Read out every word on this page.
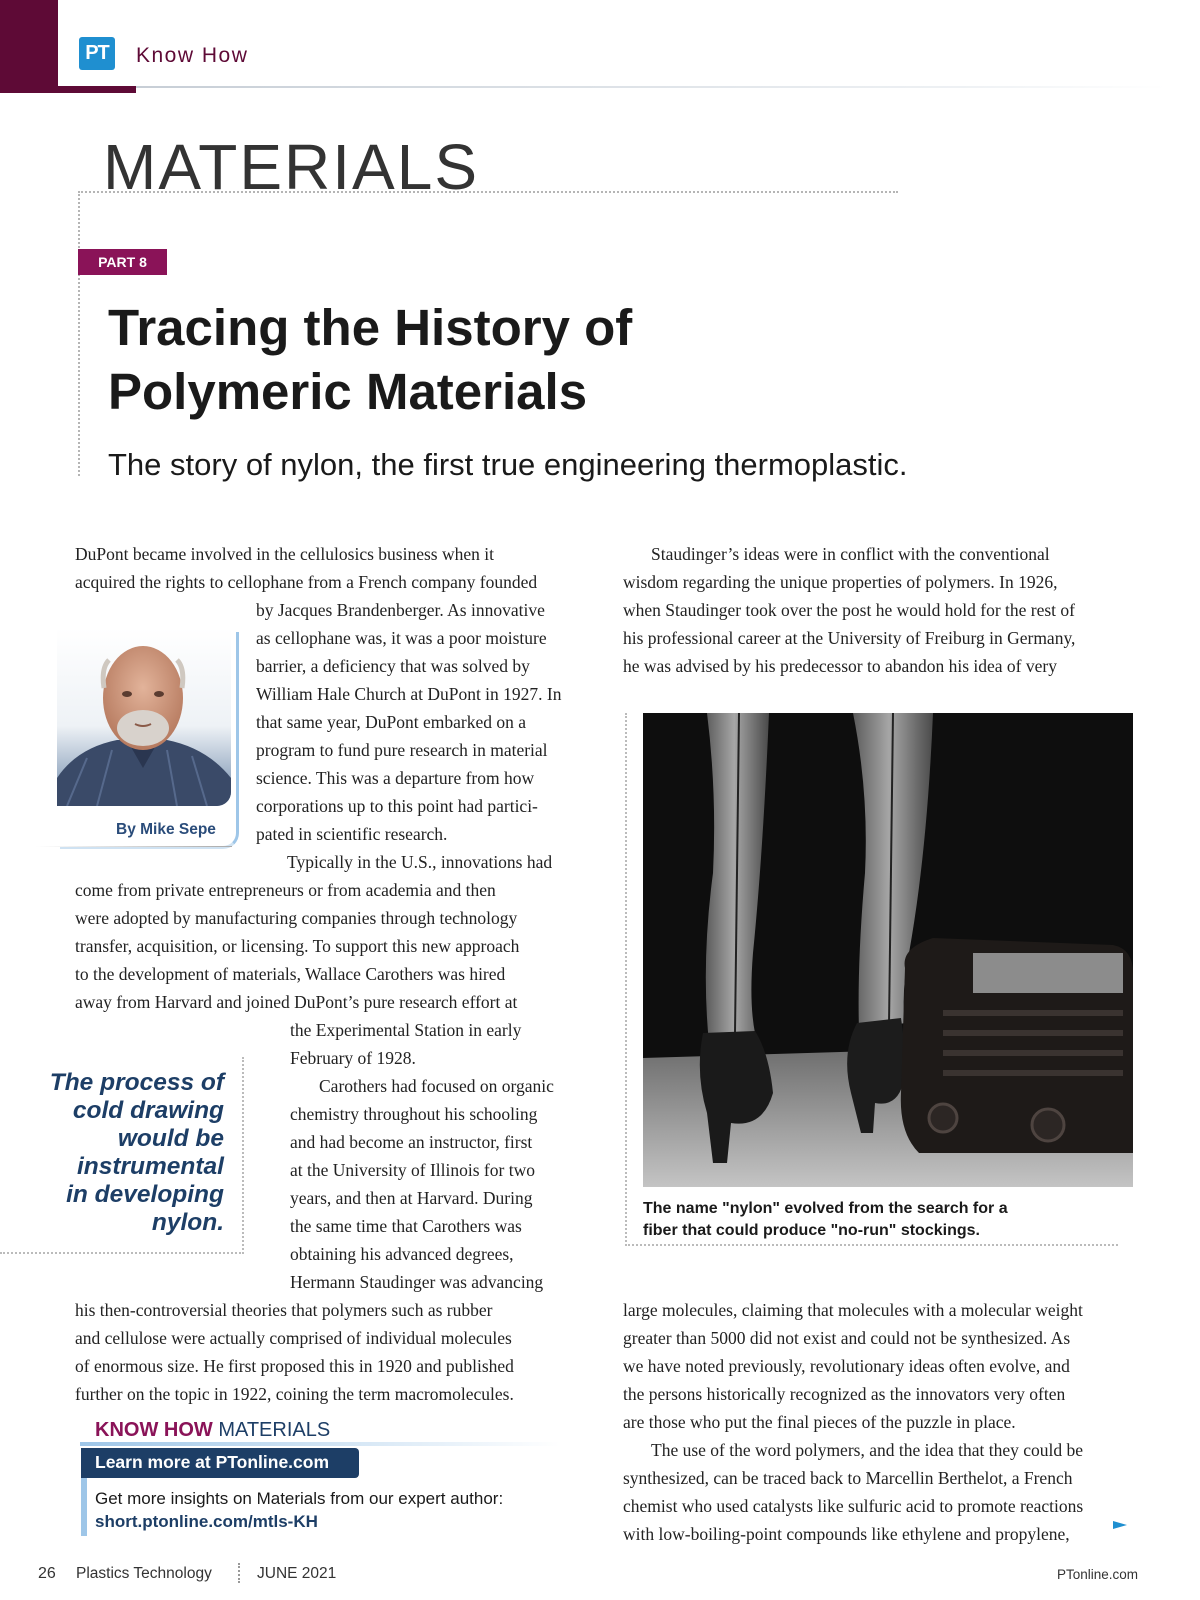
PT Know How
MATERIALS
PART 8
Tracing the History of
Polymeric Materials
The story of nylon, the first true engineering thermoplastic.
By Mike Sepe

The process of
cold drawing
would be
instrumental
in developing
nylon.

DuPont became involved in the cellulosics business when it
acquired the rights to cellophane from a French company founded
by Jacques Brandenberger. As innovative
as cellophane was, it was a poor moisture
barrier, a deficiency that was solved by
William Hale Church at DuPont in 1927. In
that same year, DuPont embarked on a
program to fund pure research in material
science. This was a departure from how
corporations up to this point had partici-
pated in scientific research.
Typically in the U.S., innovations had
come from private entrepreneurs or from academia and then
were adopted by manufacturing companies through technology
transfer, acquisition, or licensing. To support this new approach
to the development of materials, Wallace Carothers was hired
away from Harvard and joined DuPont’s pure research effort at
the Experimental Station in early
February of 1928.
Carothers had focused on organic
chemistry throughout his schooling
and had become an instructor, first
at the University of Illinois for two
years, and then at Harvard. During
the same time that Carothers was
obtaining his advanced degrees,
Hermann Staudinger was advancing
his then-controversial theories that polymers such as rubber
and cellulose were actually comprised of individual molecules
of enormous size. He first proposed this in 1920 and published
further on the topic in 1922, coining the term macromolecules.
Staudinger’s ideas were in conflict with the conventional
wisdom regarding the unique properties of polymers. In 1926,
when Staudinger took over the post he would hold for the rest of
his professional career at the University of Freiburg in Germany,
he was advised by his predecessor to abandon his idea of very
The name "nylon" evolved from the search for a
fiber that could produce "no-run" stockings.
large molecules, claiming that molecules with a molecular weight
greater than 5000 did not exist and could not be synthesized. As
we have noted previously, revolutionary ideas often evolve, and
the persons historically recognized as the innovators very often
are those who put the final pieces of the puzzle in place.
The use of the word polymers, and the idea that they could be
synthesized, can be traced back to Marcellin Berthelot, a French
chemist who used catalysts like sulfuric acid to promote reactions
with low-boiling-point compounds like ethylene and propylene,
KNOW HOW MATERIALS
Learn more at PTonline.com
Get more insights on Materials from our expert author:
short.ptonline.com/mtls-KH
26 Plastics Technology	JUNE 2021	PTonline.com
